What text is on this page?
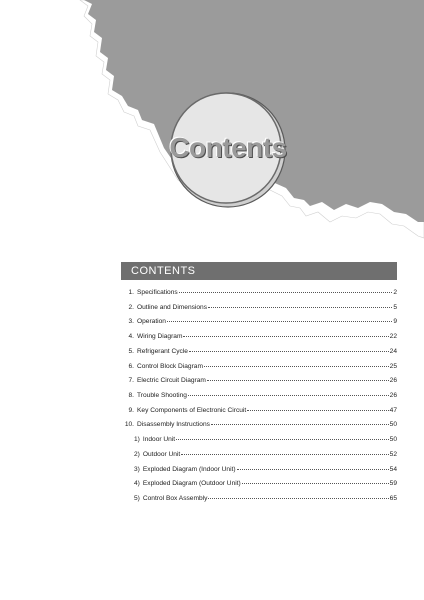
Contents
CONTENTS
1. Specifications	2
2. Outline and Dimensions	5
3. Operation	9
4. Wiring Diagram	22
5. Refrigerant Cycle	24
6. Control Block Diagram	25
7. Electric Circuit Diagram	26
8. Trouble Shooting	26
9. Key Components of Electronic Circuit	47
10. Disassembly Instructions	50
1) Indoor Unit	50
2) Outdoor Unit	52
3) Exploded Diagram (Indoor Unit)	54
4) Exploded Diagram (Outdoor Unit)	59
5) Control Box Assembly	65
